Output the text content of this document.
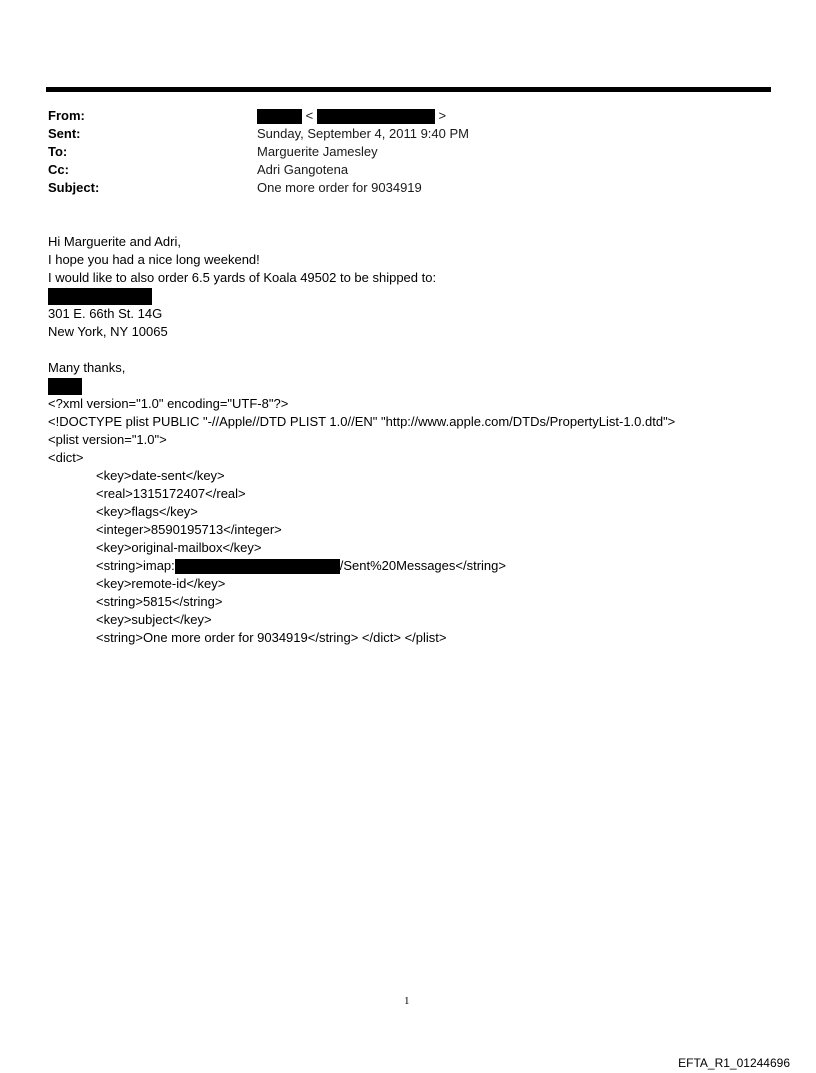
From:	<	>
Sent:	Sunday, September 4, 2011 9:40 PM
To:	Marguerite Jamesley
Cc:	Adri Gangotena
Subject:	One more order for 9034919
Hi Marguerite and Adri,
I hope you had a nice long weekend!
I would like to also order 6.5 yards of Koala 49502 to be shipped to:
301 E. 66th St. 14G
New York, NY 10065
Many thanks,
<?xml version="1.0" encoding="UTF-8"?>
<!DOCTYPE plist PUBLIC "-//Apple//DTD PLIST 1.0//EN" "http://www.apple.com/DTDs/PropertyList-1.0.dtd">
<plist version="1.0">
<dict>
<key>date-sent</key>
<real>1315172407</real>
<key>flags</key>
<integer>8590195713</integer>
<key>original-mailbox</key>
<string>imap:	/Sent%20Messages</string>
<key>remote-id</key>
<string>5815</string>
<key>subject</key>
<string>One more order for 9034919</string> </dict> </plist>
1
EFTA_R1_01244696
